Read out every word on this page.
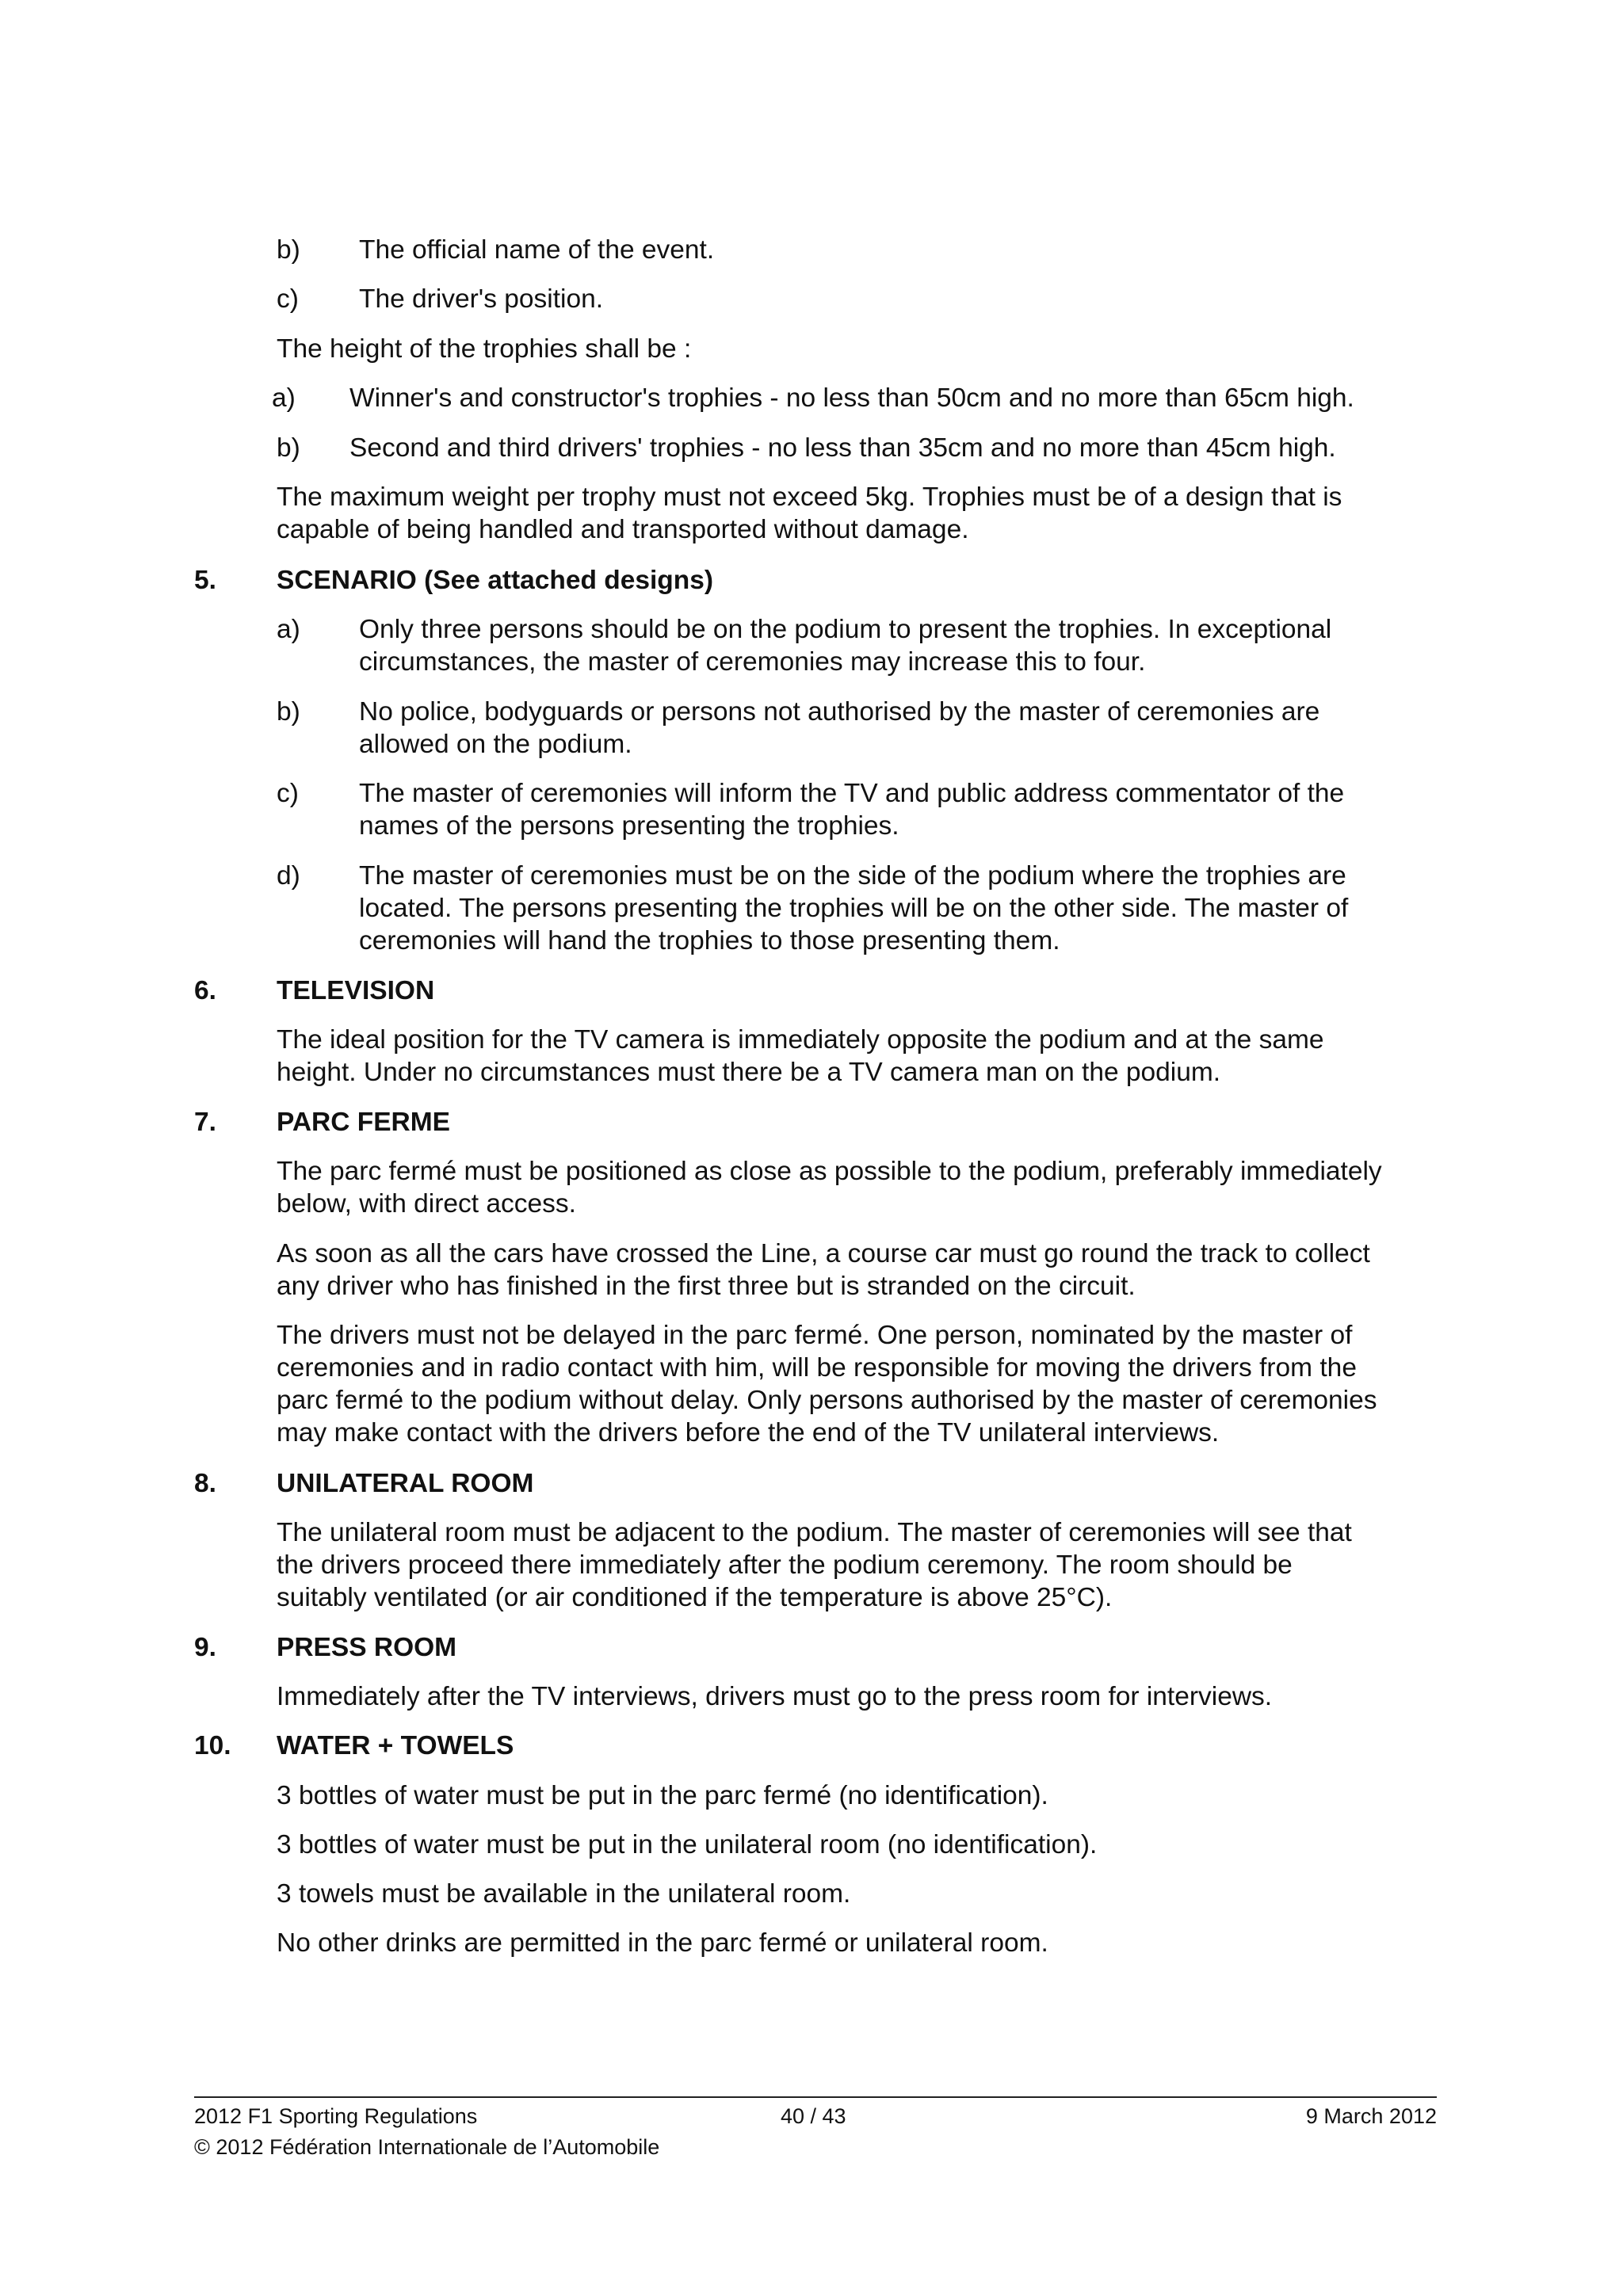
b) The official name of the event.
c) The driver's position.
The height of the trophies shall be :
a) Winner's and constructor's trophies - no less than 50cm and no more than 65cm high.
b) Second and third drivers' trophies - no less than 35cm and no more than 45cm high.
The maximum weight per trophy must not exceed 5kg. Trophies must be of a design that is
capable of being handled and transported without damage.
5. SCENARIO (See attached designs)
a) Only three persons should be on the podium to present the trophies. In exceptional
circumstances, the master of ceremonies may increase this to four.
b) No police, bodyguards or persons not authorised by the master of ceremonies are
allowed on the podium.
c) The master of ceremonies will inform the TV and public address commentator of the
names of the persons presenting the trophies.
d) The master of ceremonies must be on the side of the podium where the trophies are
located. The persons presenting the trophies will be on the other side. The master of
ceremonies will hand the trophies to those presenting them.
6. TELEVISION
The ideal position for the TV camera is immediately opposite the podium and at the same
height. Under no circumstances must there be a TV camera man on the podium.
7. PARC FERME
The parc fermé must be positioned as close as possible to the podium, preferably immediately
below, with direct access.
As soon as all the cars have crossed the Line, a course car must go round the track to collect
any driver who has finished in the first three but is stranded on the circuit.
The drivers must not be delayed in the parc fermé. One person, nominated by the master of
ceremonies and in radio contact with him, will be responsible for moving the drivers from the
parc fermé to the podium without delay. Only persons authorised by the master of ceremonies
may make contact with the drivers before the end of the TV unilateral interviews.
8. UNILATERAL ROOM
The unilateral room must be adjacent to the podium. The master of ceremonies will see that
the drivers proceed there immediately after the podium ceremony. The room should be
suitably ventilated (or air conditioned if the temperature is above 25°C).
9. PRESS ROOM
Immediately after the TV interviews, drivers must go to the press room for interviews.
10. WATER + TOWELS
3 bottles of water must be put in the parc fermé (no identification).
3 bottles of water must be put in the unilateral room (no identification).
3 towels must be available in the unilateral room.
No other drinks are permitted in the parc fermé or unilateral room.
2012 F1 Sporting Regulations	40 / 43	9 March 2012
© 2012 Fédération Internationale de l’Automobile
